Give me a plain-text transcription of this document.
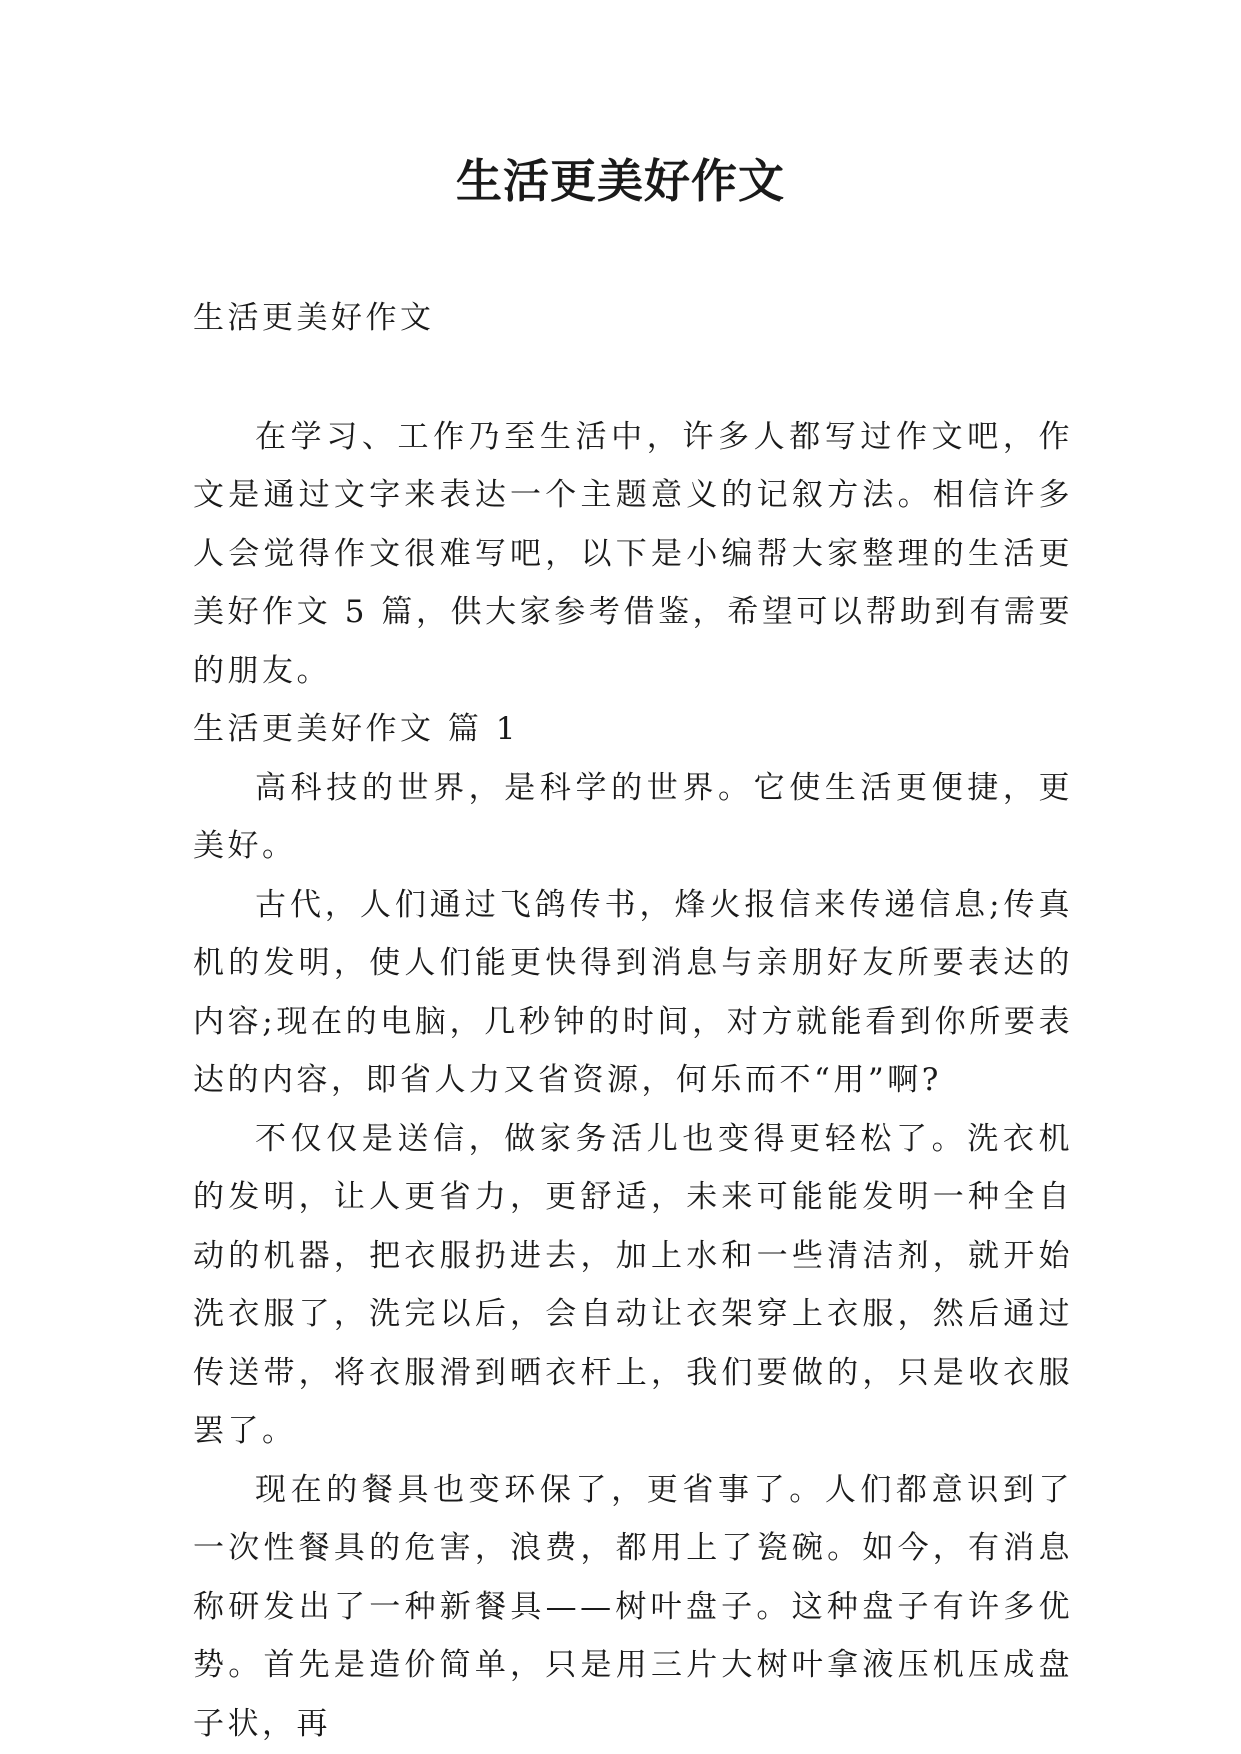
生活更美好作文

生活更美好作文

在学习、工作乃至生活中，许多人都写过作文吧，作文是通过文字来表达一个主题意义的记叙方法。相信许多人会觉得作文很难写吧，以下是小编帮大家整理的生活更美好作文 5 篇，供大家参考借鉴，希望可以帮助到有需要的朋友。

生活更美好作文 篇 1

高科技的世界，是科学的世界。它使生活更便捷，更美好。

古代，人们通过飞鸽传书，烽火报信来传递信息;传真机的发明，使人们能更快得到消息与亲朋好友所要表达的内容;现在的电脑，几秒钟的时间，对方就能看到你所要表达的内容，即省人力又省资源，何乐而不“用”啊?

不仅仅是送信，做家务活儿也变得更轻松了。洗衣机的发明，让人更省力，更舒适，未来可能能发明一种全自动的机器，把衣服扔进去，加上水和一些清洁剂，就开始洗衣服了，洗完以后，会自动让衣架穿上衣服，然后通过传送带，将衣服滑到晒衣杆上，我们要做的，只是收衣服罢了。

现在的餐具也变环保了，更省事了。人们都意识到了一次性餐具的危害，浪费，都用上了瓷碗。如今，有消息称研发出了一种新餐具——树叶盘子。这种盘子有许多优势。首先是造价简单，只是用三片大树叶拿液压机压成盘子状，再
